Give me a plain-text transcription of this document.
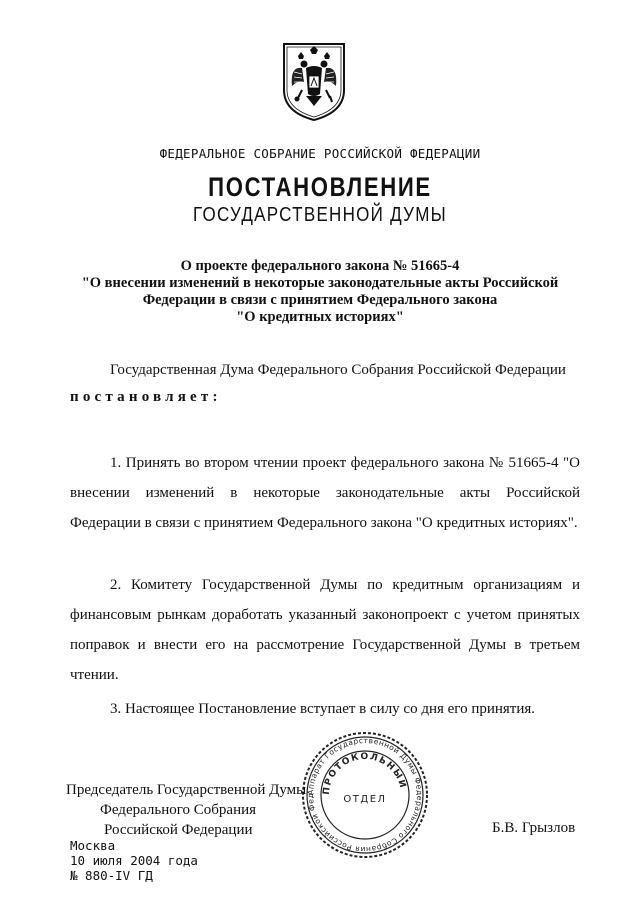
ФЕДЕРАЛЬНОЕ СОБРАНИЕ РОССИЙСКОЙ ФЕДЕРАЦИИ
ПОСТАНОВЛЕНИЕ
ГОСУДАРСТВЕННОЙ ДУМЫ
О проекте федерального закона № 51665-4
"О внесении изменений в некоторые законодательные акты Российской
Федерации в связи с принятием Федерального закона
"О кредитных историях"
Государственная Дума Федерального Собрания Российской Федерации
постановляет:
1. Принять во втором чтении проект федерального закона № 51665-4 "О внесении изменений в некоторые законодательные акты Российской Федерации в связи с принятием Федерального закона "О кредитных историях".
2. Комитету Государственной Думы по кредитным организациям и финансовым рынкам доработать указанный законопроект с учетом принятых поправок и внести его на рассмотрение Государственной Думы в третьем чтении.
3. Настоящее Постановление вступает в силу со дня его принятия.
Аппарат Государственной Думы Федерального Собрания Российской Фед
ПРОТОКОЛЬНЫЙ
ОТДЕЛ
Председатель Государственной Думы
Федерального Собрания
Российской Федерации	Б.В. Грызлов
Москва
10 июля 2004 года
№ 880-IV ГД
